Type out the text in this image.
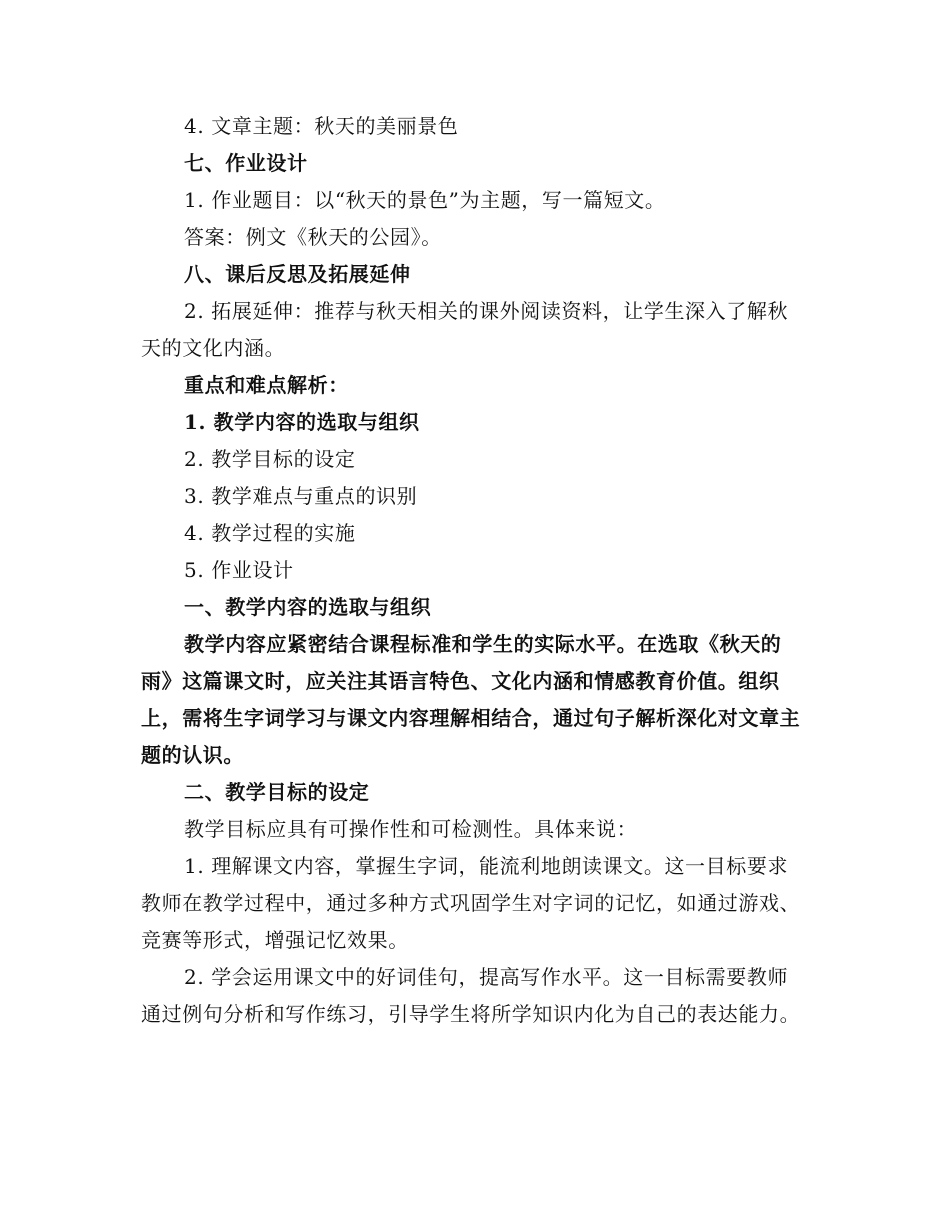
4. 文章主题：秋天的美丽景色

七、作业设计

1. 作业题目：以“秋天的景色”为主题，写一篇短文。

答案：例文《秋天的公园》。

八、课后反思及拓展延伸

2. 拓展延伸：推荐与秋天相关的课外阅读资料，让学生深入了解秋天的文化内涵。

重点和难点解析：

1. 教学内容的选取与组织

2. 教学目标的设定

3. 教学难点与重点的识别

4. 教学过程的实施

5. 作业设计

一、教学内容的选取与组织

教学内容应紧密结合课程标准和学生的实际水平。在选取《秋天的雨》这篇课文时，应关注其语言特色、文化内涵和情感教育价值。组织上，需将生字词学习与课文内容理解相结合，通过句子解析深化对文章主题的认识。

二、教学目标的设定

教学目标应具有可操作性和可检测性。具体来说：

1. 理解课文内容，掌握生字词，能流利地朗读课文。这一目标要求教师在教学过程中，通过多种方式巩固学生对字词的记忆，如通过游戏、竞赛等形式，增强记忆效果。

2. 学会运用课文中的好词佳句，提高写作水平。这一目标需要教师通过例句分析和写作练习，引导学生将所学知识内化为自己的表达能力。
